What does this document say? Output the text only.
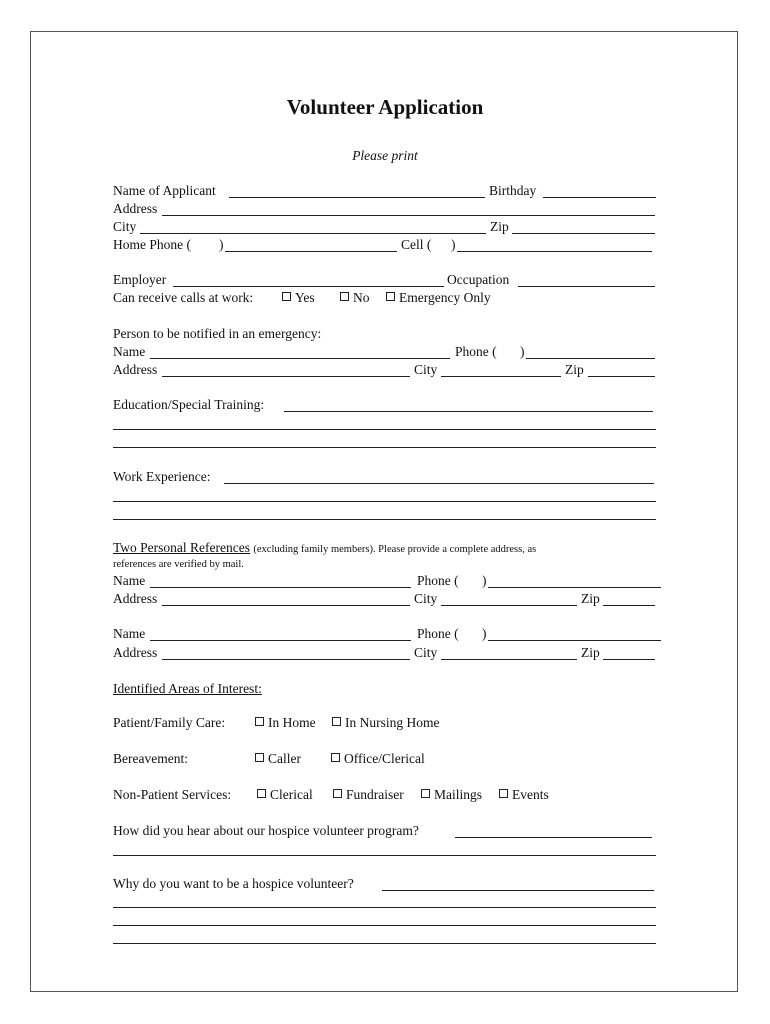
Volunteer Application
Please print
Name of Applicant	Birthday
Address
City	Zip
Home Phone ( )	Cell ( )
Employer	Occupation
Can receive calls at work:	Yes	No	Emergency Only
Person to be notified in an emergency:
Name	Phone ( )
Address	City	Zip
Education/Special Training:
Work Experience:
Two Personal References (excluding family members). Please provide a complete address, as
references are verified by mail.
Name	Phone ( )
Address	City	Zip
Name	Phone ( )
Address	City	Zip
Identified Areas of Interest:
Patient/Family Care:	In Home	In Nursing Home
Bereavement:	Caller	Office/Clerical
Non-Patient Services:	Clerical	Fundraiser	Mailings	Events
How did you hear about our hospice volunteer program?
Why do you want to be a hospice volunteer?
